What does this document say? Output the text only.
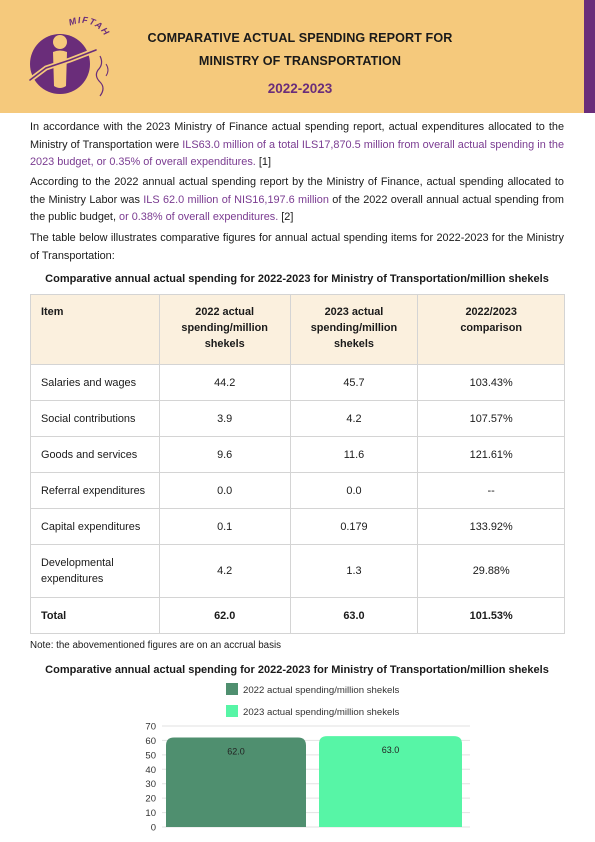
MIFTAH	COMPARATIVE ACTUAL SPENDING REPORT FOR
MINISTRY OF TRANSPORTATION
2022-2023

In accordance with the 2023 Ministry of Finance actual spending report, actual expenditures allocated to the Ministry of Transportation were ILS63.0 million of a total ILS17,870.5 million from overall actual spending in the 2023 budget, or 0.35% of overall expenditures. [1]

According to the 2022 annual actual spending report by the Ministry of Finance, actual spending allocated to the Ministry Labor was ILS 62.0 million of NIS16,197.6 million of the 2022 overall annual actual spending from the public budget, or 0.38% of overall expenditures. [2]

The table below illustrates comparative figures for annual actual spending items for 2022-2023 for the Ministry of Transportation:

Comparative annual actual spending for 2022-2023 for Ministry of Transportation/million shekels
Item	2022 actual
spending/million
shekels	2023 actual
spending/million
shekels	2022/2023
comparison
Salaries and wages	44.2	45.7	103.43%
Social contributions	3.9	4.2	107.57%
Goods and services	9.6	11.6	121.61%
Referral expenditures	0.0	0.0	--
Capital expenditures	0.1	0.179	133.92%
Developmental
expenditures	4.2	1.3	29.88%
Total	62.0	63.0	101.53%
Note: the abovementioned figures are on an accrual basis
Comparative annual actual spending for 2022-2023 for Ministry of Transportation/million shekels
2022 actual spending/million shekels
2023 actual spending/million shekels
0
10
20
30
40
50
60
70
62.0	63.0
